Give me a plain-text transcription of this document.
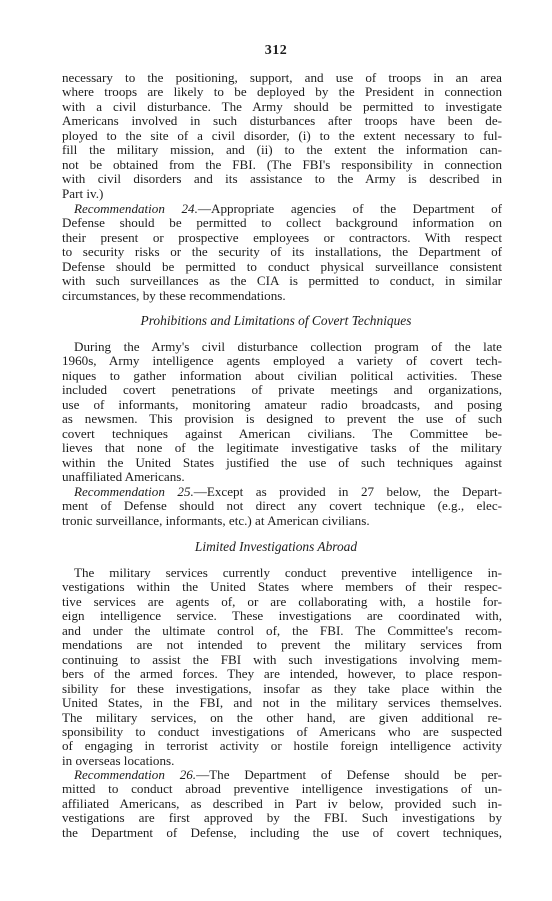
312
necessary to the positioning, support, and use of troops in an area
where troops are likely to be deployed by the President in connection
with a civil disturbance. The Army should be permitted to investigate
Americans involved in such disturbances after troops have been de-
ployed to the site of a civil disorder, (i) to the extent necessary to ful-
fill the military mission, and (ii) to the extent the information can-
not be obtained from the FBI. (The FBI's responsibility in connection
with civil disorders and its assistance to the Army is described in
Part iv.)
Recommendation 24.—Appropriate agencies of the Department of
Defense should be permitted to collect background information on
their present or prospective employees or contractors. With respect
to security risks or the security of its installations, the Department of
Defense should be permitted to conduct physical surveillance consistent
with such surveillances as the CIA is permitted to conduct, in similar
circumstances, by these recommendations.
Prohibitions and Limitations of Covert Techniques
During the Army's civil disturbance collection program of the late
1960s, Army intelligence agents employed a variety of covert tech-
niques to gather information about civilian political activities. These
included covert penetrations of private meetings and organizations,
use of informants, monitoring amateur radio broadcasts, and posing
as newsmen. This provision is designed to prevent the use of such
covert techniques against American civilians. The Committee be-
lieves that none of the legitimate investigative tasks of the military
within the United States justified the use of such techniques against
unaffiliated Americans.
Recommendation 25.—Except as provided in 27 below, the Depart-
ment of Defense should not direct any covert technique (e.g., elec-
tronic surveillance, informants, etc.) at American civilians.
Limited Investigations Abroad
The military services currently conduct preventive intelligence in-
vestigations within the United States where members of their respec-
tive services are agents of, or are collaborating with, a hostile for-
eign intelligence service. These investigations are coordinated with,
and under the ultimate control of, the FBI. The Committee's recom-
mendations are not intended to prevent the military services from
continuing to assist the FBI with such investigations involving mem-
bers of the armed forces. They are intended, however, to place respon-
sibility for these investigations, insofar as they take place within the
United States, in the FBI, and not in the military services themselves.
The military services, on the other hand, are given additional re-
sponsibility to conduct investigations of Americans who are suspected
of engaging in terrorist activity or hostile foreign intelligence activity
in overseas locations.
Recommendation 26.—The Department of Defense should be per-
mitted to conduct abroad preventive intelligence investigations of un-
affiliated Americans, as described in Part iv below, provided such in-
vestigations are first approved by the FBI. Such investigations by
the Department of Defense, including the use of covert techniques,
